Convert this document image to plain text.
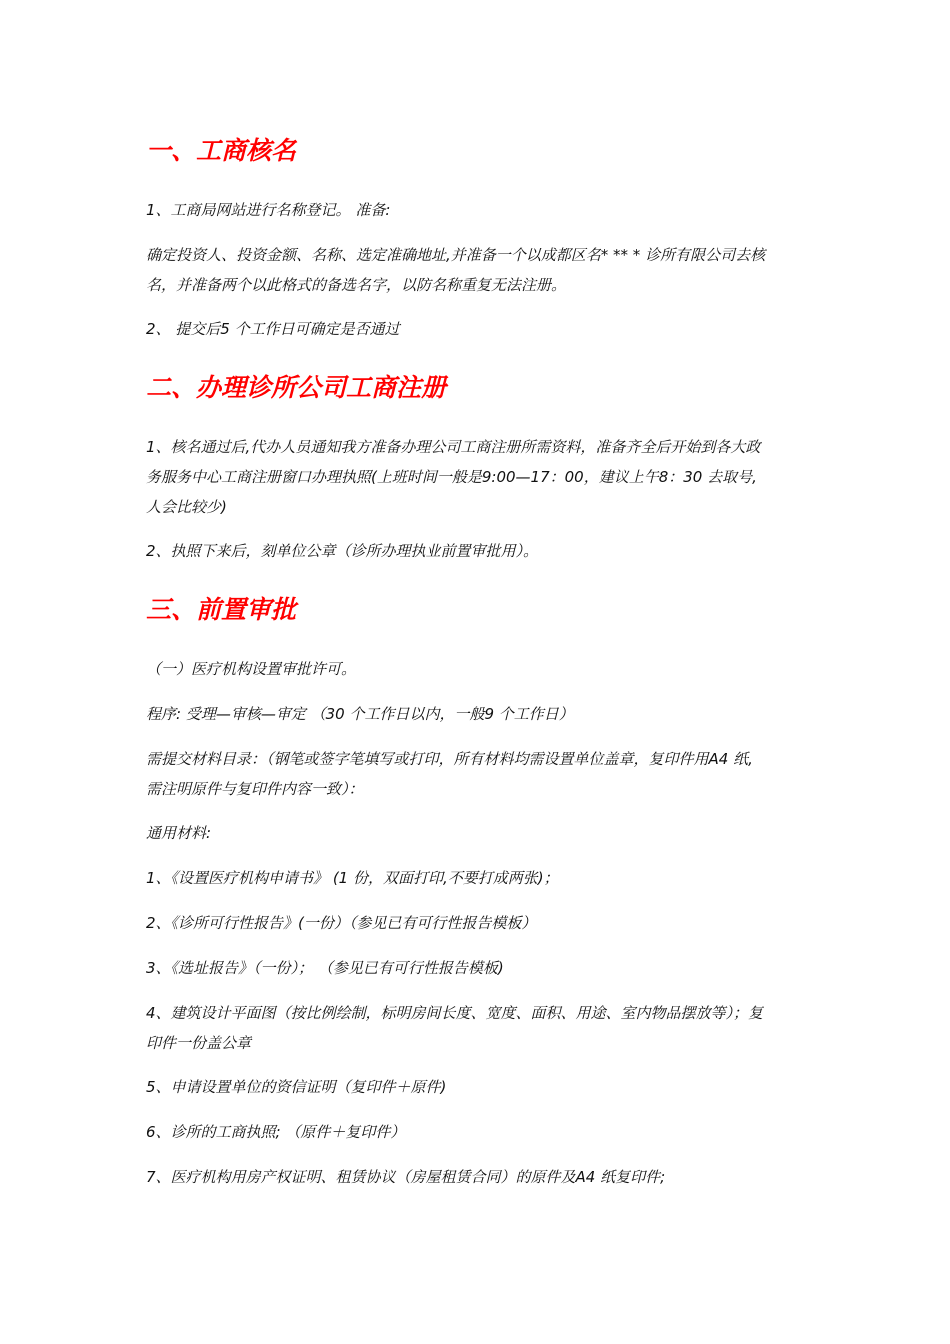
一、工商核名

1、工商局网站进行名称登记。 准备:

确定投资人、投资金额、名称、选定准确地址,并准备一个以成都区名* ** * 诊所有限公司去核
名，并准备两个以此格式的备选名字，以防名称重复无法注册。

2、 提交后5 个工作日可确定是否通过

二、办理诊所公司工商注册

1、核名通过后,代办人员通知我方准备办理公司工商注册所需资料，准备齐全后开始到各大政
务服务中心工商注册窗口办理执照(上班时间一般是9:00—17：00，建议上午8：30 去取号,
人会比较少)

2、执照下来后，刻单位公章（诊所办理执业前置审批用）。

三、前置审批

（一）医疗机构设置审批许可。

程序: 受理—审核—审定 （30 个工作日以内，一般9 个工作日）

需提交材料目录：（钢笔或签字笔填写或打印，所有材料均需设置单位盖章，复印件用A4 纸,
需注明原件与复印件内容一致）：

通用材料:

1、《设置医疗机构申请书》 (1 份，双面打印,不要打成两张)；

2、《诊所可行性报告》(一份）（参见已有可行性报告模板）

3、《选址报告》（一份）； （参见已有可行性报告模板)

4、建筑设计平面图（按比例绘制，标明房间长度、宽度、面积、用途、室内物品摆放等）；复
印件一份盖公章

5、申请设置单位的资信证明（复印件＋原件)

6、诊所的工商执照; （原件＋复印件）

7、医疗机构用房产权证明、租赁协议（房屋租赁合同）的原件及A4 纸复印件;
